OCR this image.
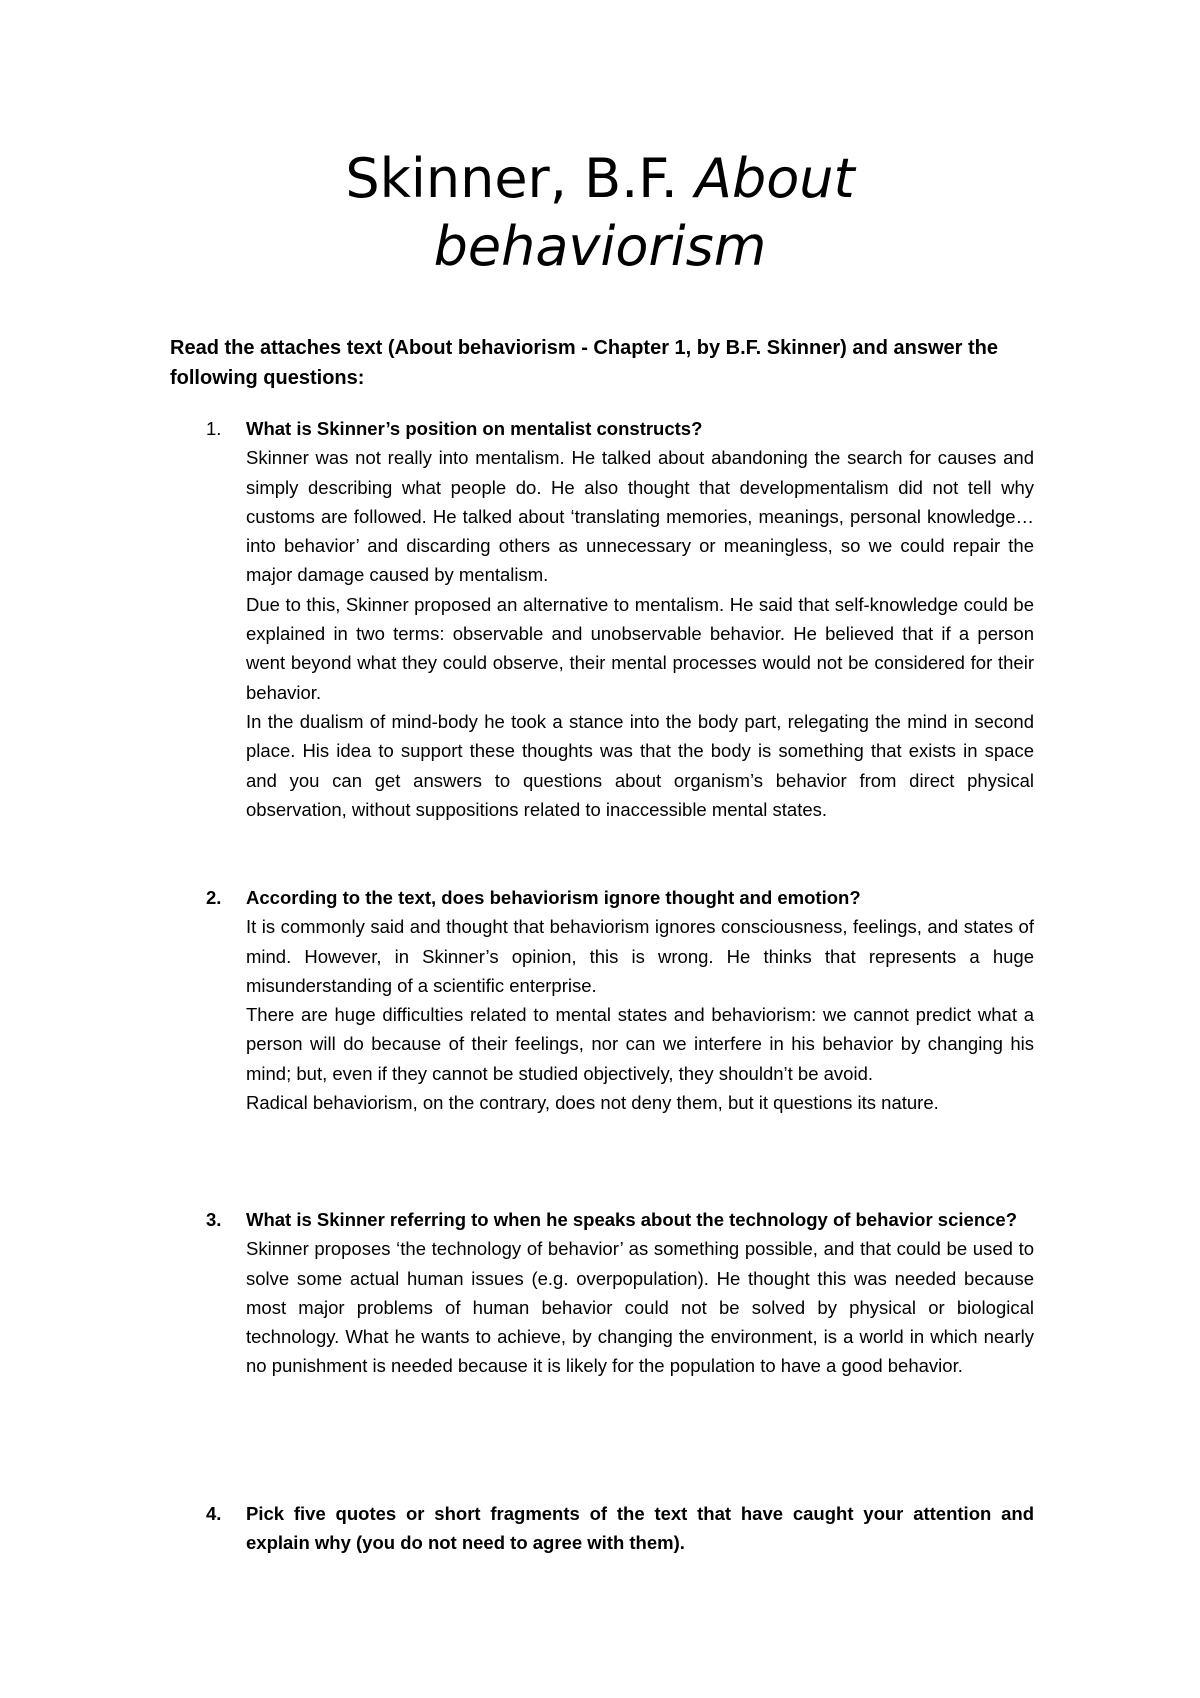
Skinner, B.F. About
behaviorism

Read the attaches text (About behaviorism - Chapter 1, by B.F. Skinner) and answer the following questions:

1.	What is Skinner’s position on mentalist constructs?

Skinner was not really into mentalism. He talked about abandoning the search for causes and simply describing what people do. He also thought that developmentalism did not tell why customs are followed. He talked about ‘translating memories, meanings, personal knowledge… into behavior’ and discarding others as unnecessary or meaningless, so we could repair the major damage caused by mentalism.

Due to this, Skinner proposed an alternative to mentalism. He said that self-knowledge could be explained in two terms: observable and unobservable behavior. He believed that if a person went beyond what they could observe, their mental processes would not be considered for their behavior.

In the dualism of mind-body he took a stance into the body part, relegating the mind in second place. His idea to support these thoughts was that the body is something that exists in space and you can get answers to questions about organism’s behavior from direct physical observation, without suppositions related to inaccessible mental states.

2.	According to the text, does behaviorism ignore thought and emotion?

It is commonly said and thought that behaviorism ignores consciousness, feelings, and states of mind. However, in Skinner’s opinion, this is wrong. He thinks that represents a huge misunderstanding of a scientific enterprise.

There are huge difficulties related to mental states and behaviorism: we cannot predict what a person will do because of their feelings, nor can we interfere in his behavior by changing his mind; but, even if they cannot be studied objectively, they shouldn’t be avoid.

Radical behaviorism, on the contrary, does not deny them, but it questions its nature.

3.	What is Skinner referring to when he speaks about the technology of behavior science?

Skinner proposes ‘the technology of behavior’ as something possible, and that could be used to solve some actual human issues (e.g. overpopulation). He thought this was needed because most major problems of human behavior could not be solved by physical or biological technology. What he wants to achieve, by changing the environment, is a world in which nearly no punishment is needed because it is likely for the population to have a good behavior.

4.	Pick five quotes or short fragments of the text that have caught your attention and explain why (you do not need to agree with them).
